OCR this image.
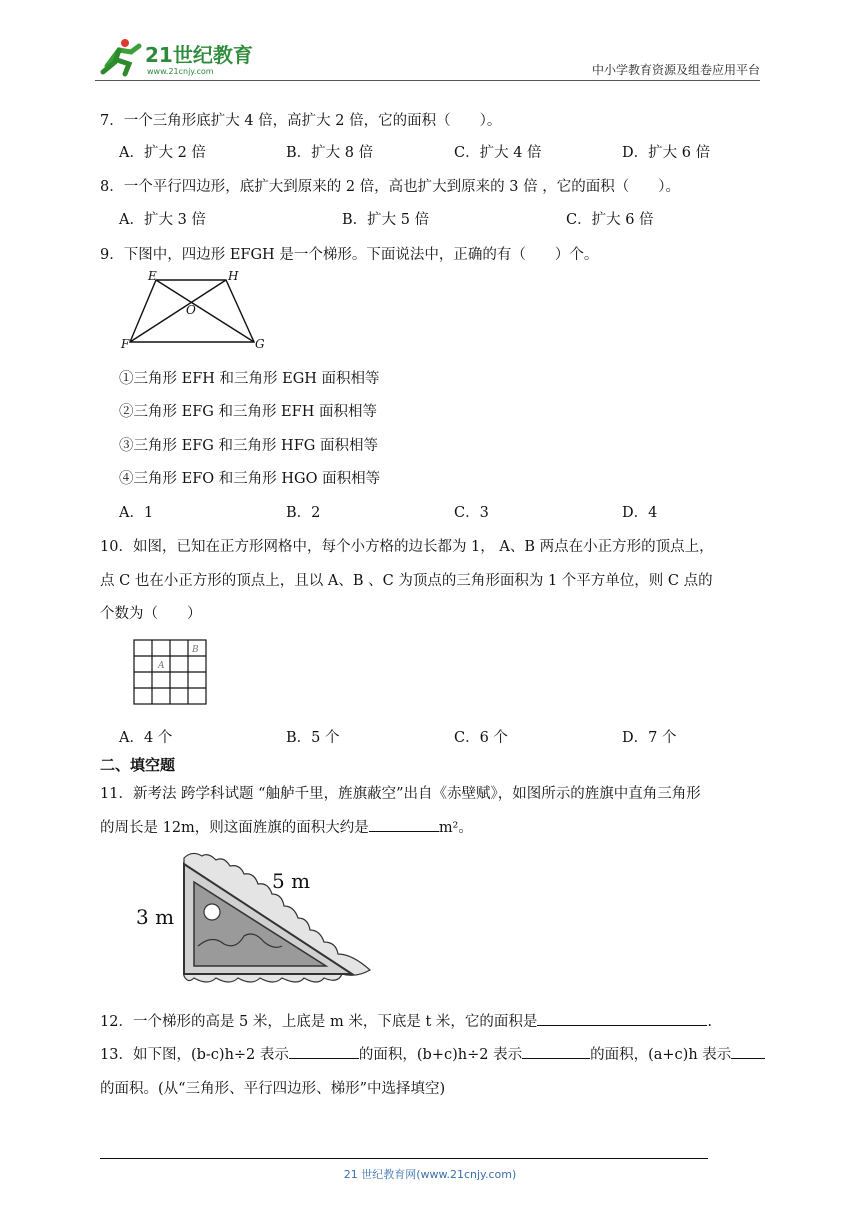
21世纪教育
www.21cnjy.com	中小学教育资源及组卷应用平台
7．一个三角形底扩大 4 倍，高扩大 2 倍，它的面积（　　）。
A．扩大 2 倍	B．扩大 8 倍	C．扩大 4 倍	D．扩大 6 倍
8．一个平行四边形，底扩大到原来的 2 倍，高也扩大到原来的 3 倍 ，它的面积（　　）。
A．扩大 3 倍	B．扩大 5 倍	C．扩大 6 倍
9．下图中，四边形 EFGH 是一个梯形。下面说法中，正确的有（　　）个。
E	H
O
F	G
①三角形 EFH 和三角形 EGH 面积相等
②三角形 EFG 和三角形 EFH 面积相等
③三角形 EFG 和三角形 HFG 面积相等
④三角形 EFO 和三角形 HGO 面积相等
A．1	B．2	C．3	D．4
10．如图，已知在正方形网格中，每个小方格的边长都为 1， A、B 两点在小正方形的顶点上，
点 C 也在小正方形的顶点上，且以 A、B 、C 为顶点的三角形面积为 1 个平方单位，则 C 点的
个数为（　　）
A
B
A．4 个	B．5 个	C．6 个	D．7 个
二、填空题
11．新考法 跨学科试题 “舳舻千里，旌旗蔽空”出自《赤壁赋》，如图所示的旌旗中直角三角形
的周长是 12m，则这面旌旗的面积大约是	m²。
3 m
5 m
12．一个梯形的高是 5 米，上底是 m 米，下底是 t 米，它的面积是	.
13．如下图，(b-c)h÷2 表示	的面积，(b+c)h÷2 表示	的面积，(a+c)h 表示
的面积。(从“三角形、平行四边形、梯形”中选择填空)
21 世纪教育网(www.21cnjy.com)
